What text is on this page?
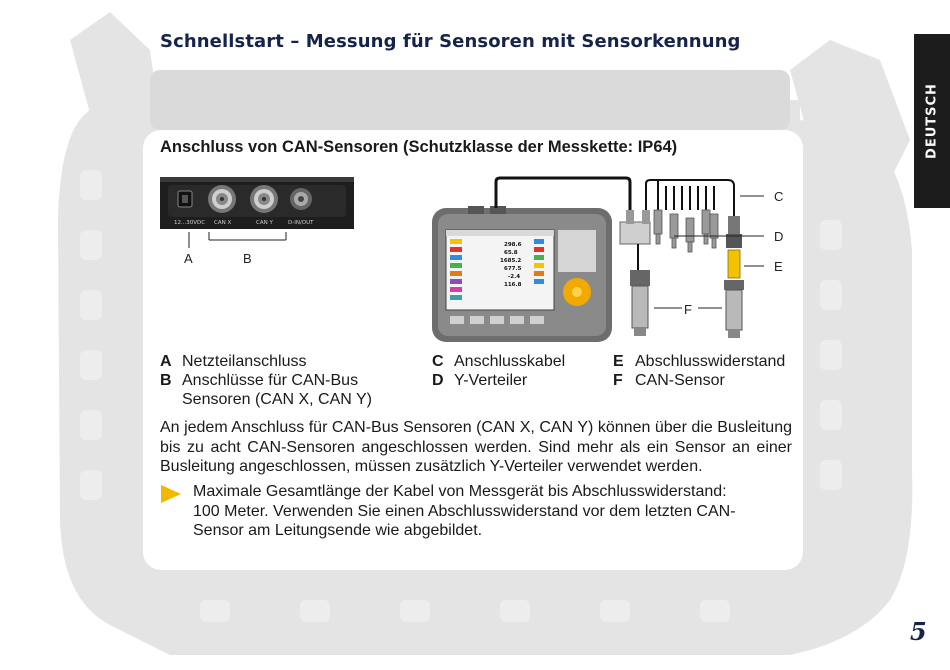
Schnellstart – Messung für Sensoren mit Sensorkennung
DEUTSCH
Anschluss von CAN-Sensoren (Schutzklasse der Messkette: IP64)
12...30VDC CAN X	CAN Y	D-IN/OUT
A	B
298.6
65.8
1685.2
677.5
-2.4
116.8
C
D
E
F
A Netzteilanschluss
B Anschlüsse für CAN-Bus
Sensoren (CAN X, CAN Y)
C Anschlusskabel
D Y-Verteiler
E Abschlusswiderstand
F CAN-Sensor

An jedem Anschluss für CAN-Bus Sensoren (CAN X, CAN Y) können über die Busleitung bis zu acht CAN-Sensoren angeschlossen werden. Sind mehr als ein Sensor an einer Busleitung angeschlossen, müssen zusätzlich Y-Verteiler verwendet werden.

Maximale Gesamtlänge der Kabel von Messgerät bis Abschlusswiderstand:
100 Meter. Verwenden Sie einen Abschlusswiderstand vor dem letzten CAN-
Sensor am Leitungsende wie abgebildet.

5
